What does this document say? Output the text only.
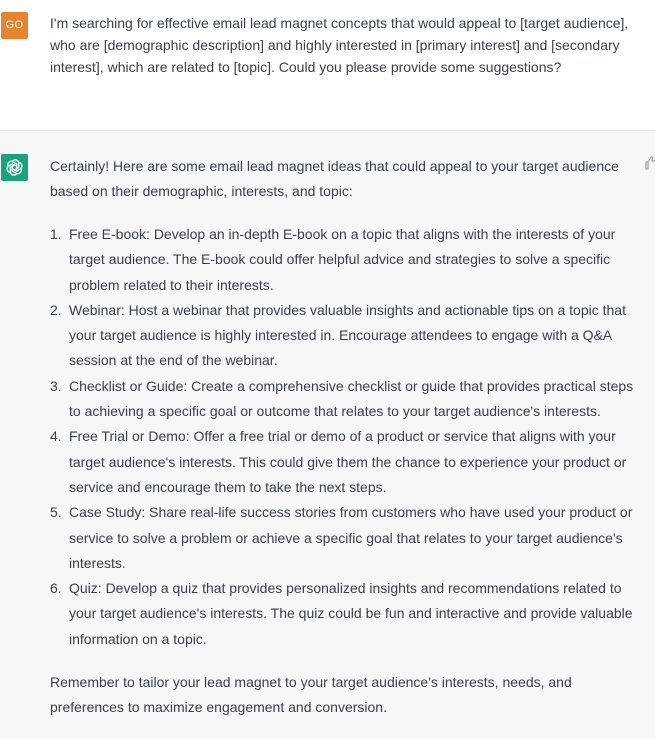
GO	I'm searching for effective email lead magnet concepts that would appeal to [target audience], who are [demographic description] and highly interested in [primary interest] and [secondary interest], which are related to [topic]. Could you please provide some suggestions?

Certainly! Here are some email lead magnet ideas that could appeal to your target audience based on their demographic, interests, and topic:

1. Free E-book: Develop an in-depth E-book on a topic that aligns with the interests of your target audience. The E-book could offer helpful advice and strategies to solve a specific problem related to their interests.
2. Webinar: Host a webinar that provides valuable insights and actionable tips on a topic that your target audience is highly interested in. Encourage attendees to engage with a Q&A session at the end of the webinar.
3. Checklist or Guide: Create a comprehensive checklist or guide that provides practical steps to achieving a specific goal or outcome that relates to your target audience's interests.
4. Free Trial or Demo: Offer a free trial or demo of a product or service that aligns with your target audience's interests. This could give them the chance to experience your product or service and encourage them to take the next steps.
5. Case Study: Share real-life success stories from customers who have used your product or service to solve a problem or achieve a specific goal that relates to your target audience's interests.
6. Quiz: Develop a quiz that provides personalized insights and recommendations related to your target audience's interests. The quiz could be fun and interactive and provide valuable information on a topic.

Remember to tailor your lead magnet to your target audience's interests, needs, and preferences to maximize engagement and conversion.
